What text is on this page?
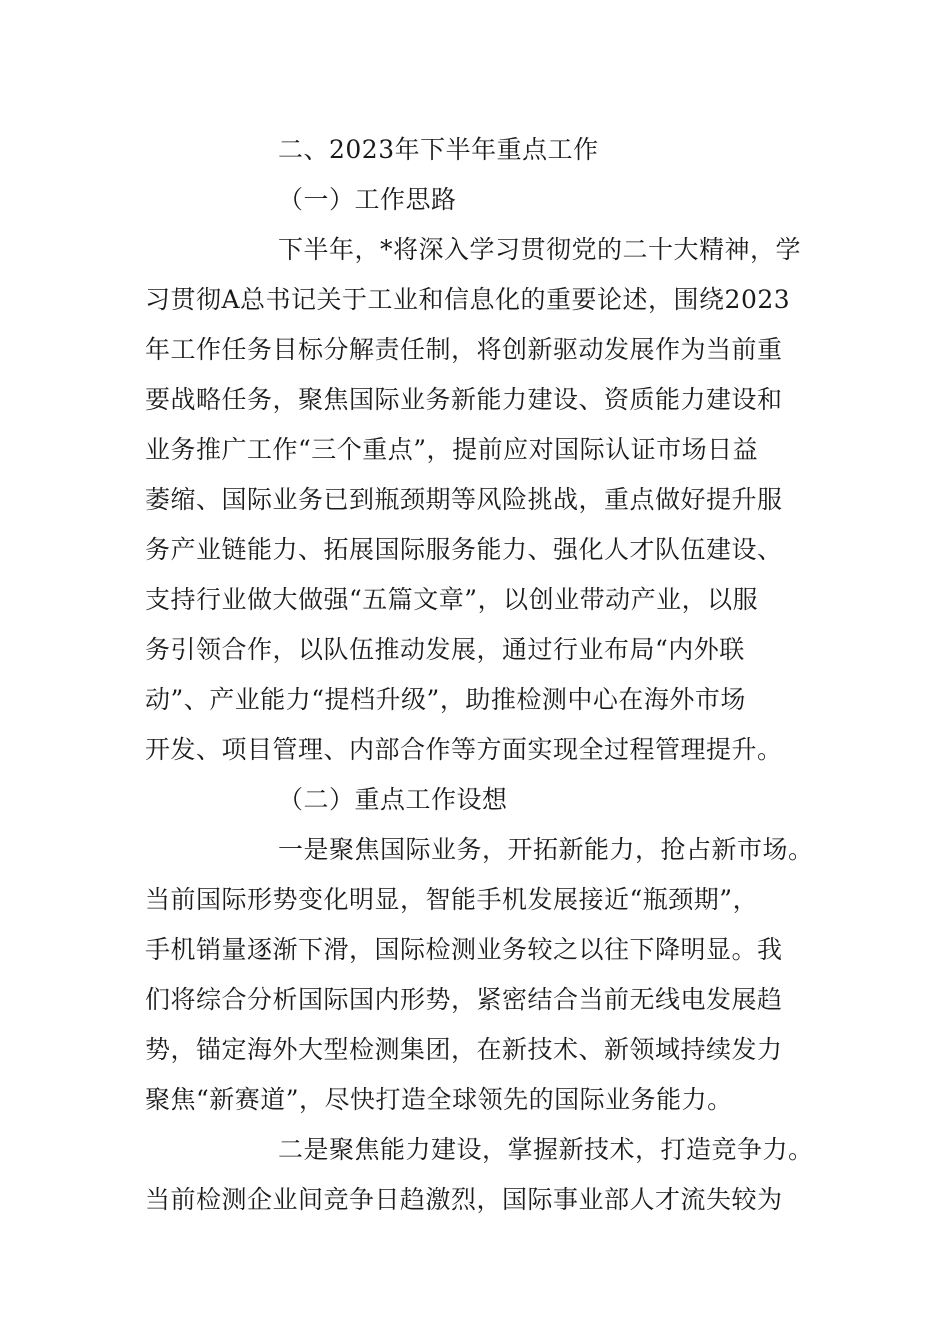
二、2023年下半年重点工作
（一）工作思路
下半年，*将深入学习贯彻党的二十大精神，学
习贯彻A总书记关于工业和信息化的重要论述，围绕2023
年工作任务目标分解责任制，将创新驱动发展作为当前重
要战略任务，聚焦国际业务新能力建设、资质能力建设和
业务推广工作“三个重点”，提前应对国际认证市场日益
萎缩、国际业务已到瓶颈期等风险挑战，重点做好提升服
务产业链能力、拓展国际服务能力、强化人才队伍建设、
支持行业做大做强“五篇文章”，以创业带动产业，以服
务引领合作，以队伍推动发展，通过行业布局“内外联
动”、产业能力“提档升级”，助推检测中心在海外市场
开发、项目管理、内部合作等方面实现全过程管理提升。
（二）重点工作设想
一是聚焦国际业务，开拓新能力，抢占新市场。
当前国际形势变化明显，智能手机发展接近“瓶颈期”，
手机销量逐渐下滑，国际检测业务较之以往下降明显。我
们将综合分析国际国内形势，紧密结合当前无线电发展趋
势，锚定海外大型检测集团，在新技术、新领域持续发力
聚焦“新赛道”，尽快打造全球领先的国际业务能力。
二是聚焦能力建设，掌握新技术，打造竞争力。
当前检测企业间竞争日趋激烈，国际事业部人才流失较为
